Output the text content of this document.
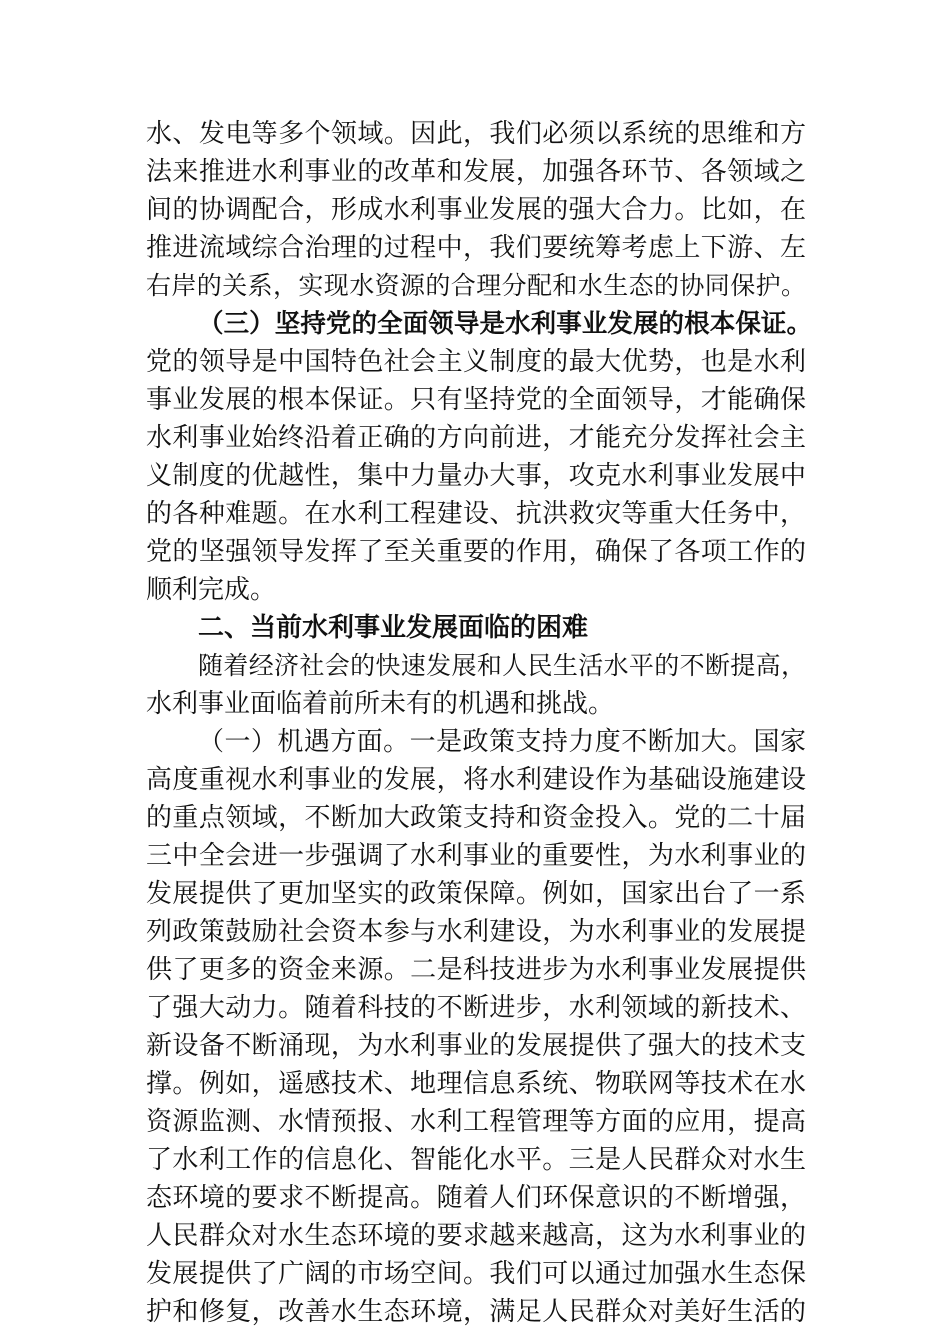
水、发电等多个领域。因此，我们必须以系统的思维和方
法来推进水利事业的改革和发展，加强各环节、各领域之
间的协调配合，形成水利事业发展的强大合力。比如，在
推进流域综合治理的过程中，我们要统筹考虑上下游、左
右岸的关系，实现水资源的合理分配和水生态的协同保护。
（三）坚持党的全面领导是水利事业发展的根本保证。
党的领导是中国特色社会主义制度的最大优势，也是水利
事业发展的根本保证。只有坚持党的全面领导，才能确保
水利事业始终沿着正确的方向前进，才能充分发挥社会主
义制度的优越性，集中力量办大事，攻克水利事业发展中
的各种难题。在水利工程建设、抗洪救灾等重大任务中，
党的坚强领导发挥了至关重要的作用，确保了各项工作的
顺利完成。
二、当前水利事业发展面临的困难
随着经济社会的快速发展和人民生活水平的不断提高，
水利事业面临着前所未有的机遇和挑战。
（一）机遇方面。一是政策支持力度不断加大。国家
高度重视水利事业的发展，将水利建设作为基础设施建设
的重点领域，不断加大政策支持和资金投入。党的二十届
三中全会进一步强调了水利事业的重要性，为水利事业的
发展提供了更加坚实的政策保障。例如，国家出台了一系
列政策鼓励社会资本参与水利建设，为水利事业的发展提
供了更多的资金来源。二是科技进步为水利事业发展提供
了强大动力。随着科技的不断进步，水利领域的新技术、
新设备不断涌现，为水利事业的发展提供了强大的技术支
撑。例如，遥感技术、地理信息系统、物联网等技术在水
资源监测、水情预报、水利工程管理等方面的应用，提高
了水利工作的信息化、智能化水平。三是人民群众对水生
态环境的要求不断提高。随着人们环保意识的不断增强，
人民群众对水生态环境的要求越来越高，这为水利事业的
发展提供了广阔的市场空间。我们可以通过加强水生态保
护和修复，改善水生态环境，满足人民群众对美好生活的
